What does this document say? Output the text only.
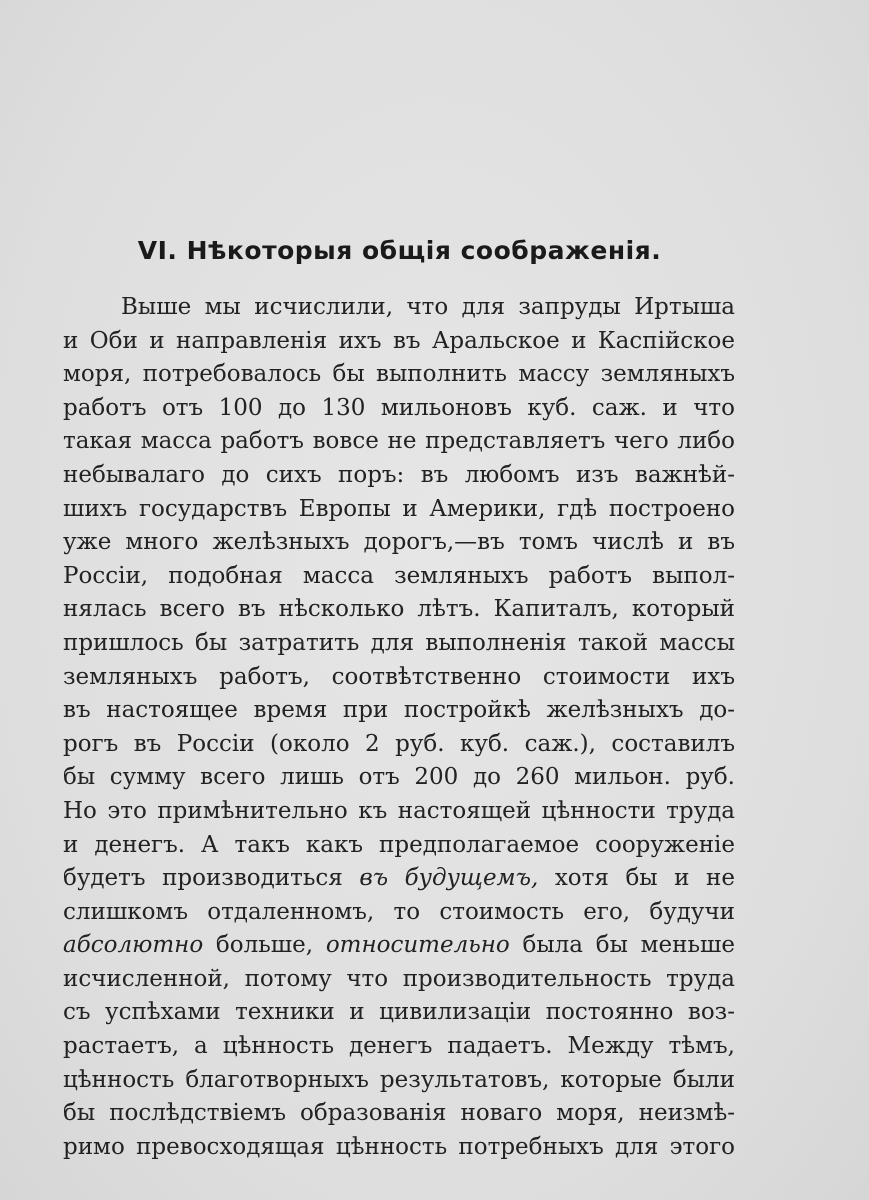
VI. Нѣкоторыя общія соображенія.
Выше мы исчислили, что для запруды Иртыша
и Оби и направленія ихъ въ Аральское и Каспійское
моря, потребовалось бы выполнить массу земляныхъ
работъ отъ 100 до 130 мильоновъ куб. саж. и что
такая масса работъ вовсе не представляетъ чего либо
небывалаго до сихъ поръ: въ любомъ изъ важнѣй-
шихъ государствъ Европы и Америки, гдѣ построено
уже много желѣзныхъ дорогъ,—въ томъ числѣ и въ
Россіи, подобная масса земляныхъ работъ выпол-
нялась всего въ нѣсколько лѣтъ. Капиталъ, который
пришлось бы затратить для выполненія такой массы
земляныхъ работъ, соотвѣтственно стоимости ихъ
въ настоящее время при постройкѣ желѣзныхъ до-
рогъ въ Россіи (около 2 руб. куб. саж.), составилъ
бы сумму всего лишь отъ 200 до 260 мильон. руб.
Но это примѣнительно къ настоящей цѣнности труда
и денегъ. А такъ какъ предполагаемое сооруженіе
будетъ производиться въ будущемъ, хотя бы и не
слишкомъ отдаленномъ, то стоимость его, будучи
абсолютно больше, относительно была бы меньше
исчисленной, потому что производительность труда
съ успѣхами техники и цивилизаціи постоянно воз-
растаетъ, а цѣнность денегъ падаетъ. Между тѣмъ,
цѣнность благотворныхъ результатовъ, которые были
бы послѣдствіемъ образованія новаго моря, неизмѣ-
римо превосходящая цѣнность потребныхъ для этого
